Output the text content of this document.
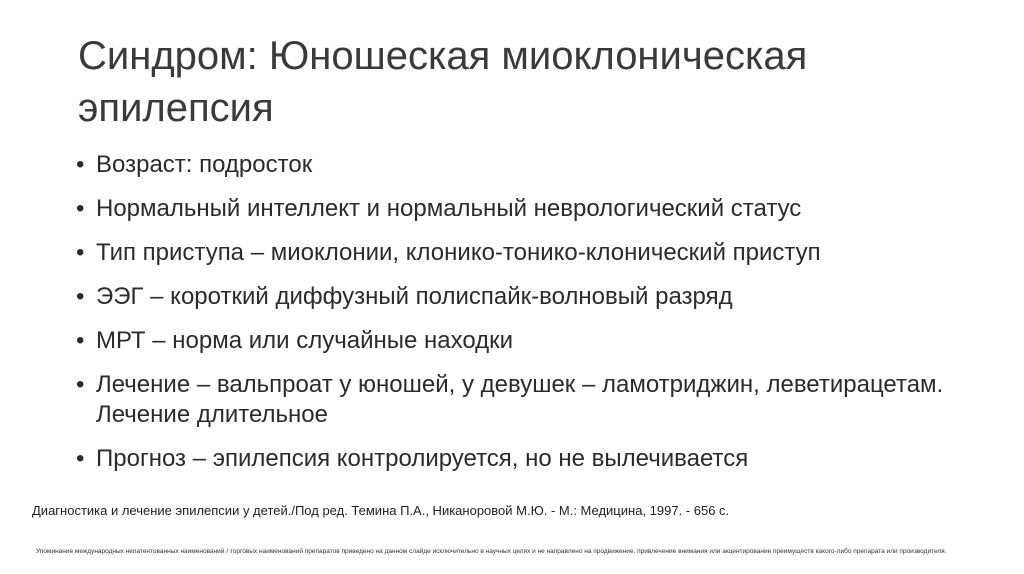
Синдром: Юношеская миоклоническая
эпилепсия
• Возраст: подросток
• Нормальный интеллект и нормальный неврологический статус
• Тип приступа – миоклонии, клонико-тонико-клонический приступ
• ЭЭГ – короткий диффузный полиспайк-волновый разряд
• МРТ – норма или случайные находки
• Лечение – вальпроат у юношей, у девушек – ламотриджин, леветирацетам. Лечение длительное
• Прогноз – эпилепсия контролируется, но не вылечивается
Диагностика и лечение эпилепсии у детей./Под ред. Темина П.А., Никаноровой М.Ю. - М.: Медицина, 1997. - 656 с.
Упоминание международных непатентованных наименований / торговых наименований препаратов приведено на данном слайде исключительно в научных целях и не направлено на продвижение, привлечение внимания или акцентирование преимуществ какого-либо препарата или производителя.
